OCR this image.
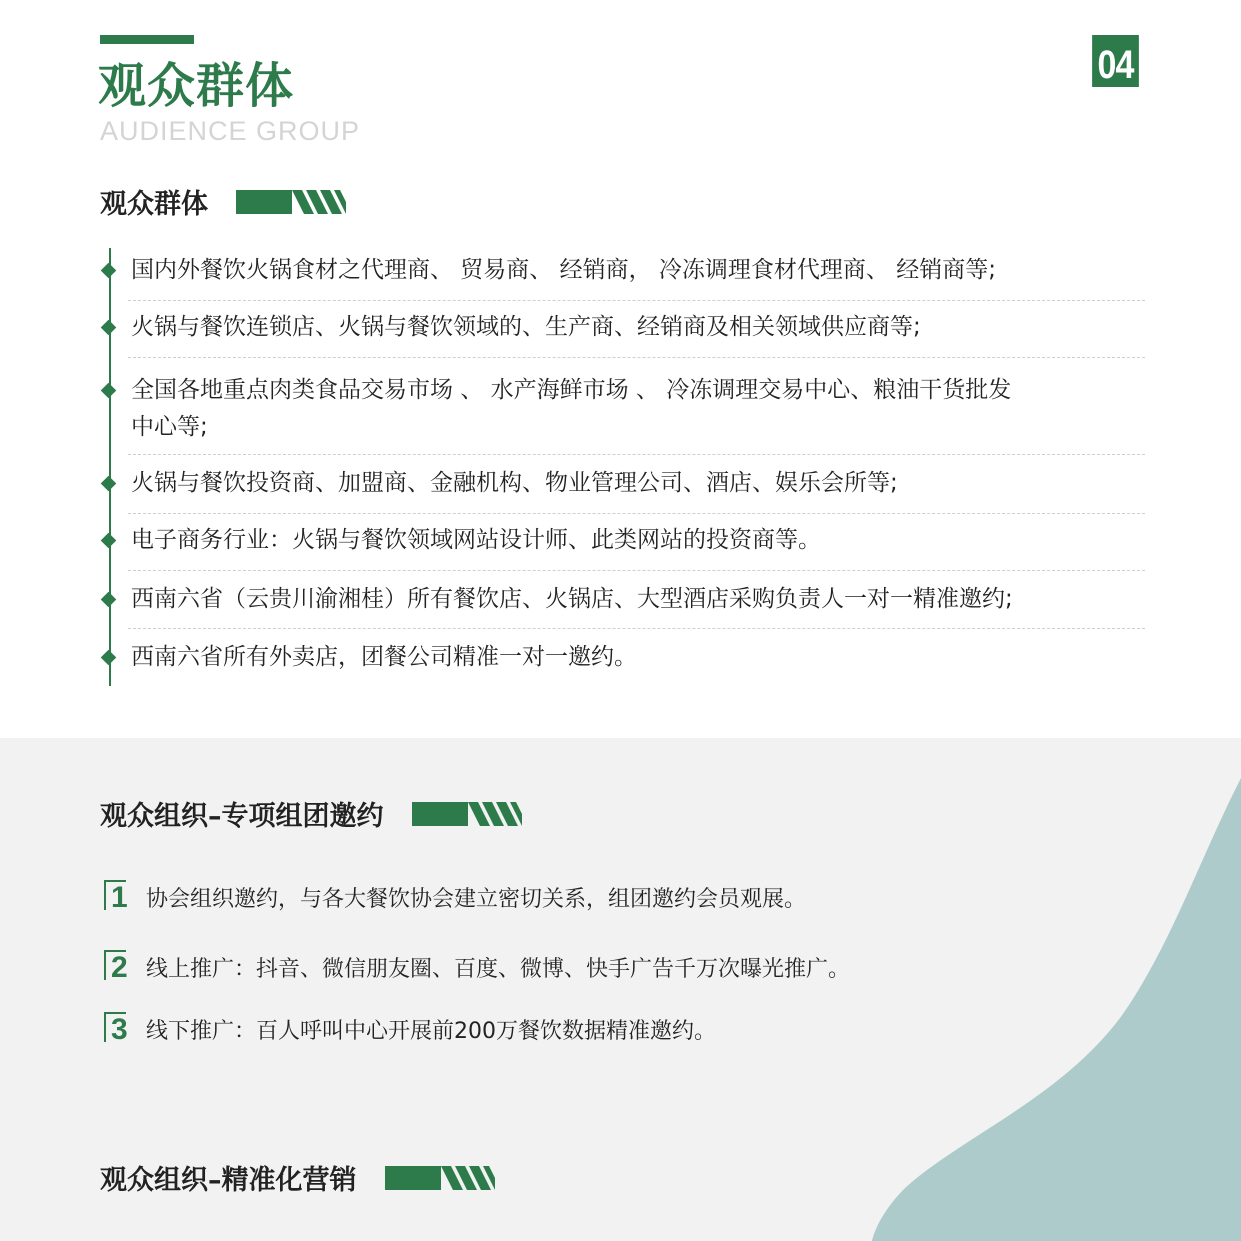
观众群体
AUDIENCE GROUP
04
观众群体
国内外餐饮火锅食材之代理商、 贸易商、 经销商， 冷冻调理食材代理商、 经销商等;
火锅与餐饮连锁店、火锅与餐饮领域的、生产商、经销商及相关领域供应商等;
全国各地重点肉类食品交易市场 、 水产海鲜市场 、 冷冻调理交易中心、粮油干货批发
中心等;
火锅与餐饮投资商、加盟商、金融机构、物业管理公司、酒店、娱乐会所等;
电子商务行业：火锅与餐饮领域网站设计师、此类网站的投资商等。
西南六省（云贵川渝湘桂）所有餐饮店、火锅店、大型酒店采购负责人一对一精准邀约;
西南六省所有外卖店，团餐公司精准一对一邀约。
观众组织–专项组团邀约
1 协会组织邀约，与各大餐饮协会建立密切关系，组团邀约会员观展。
2 线上推广：抖音、微信朋友圈、百度、微博、快手广告千万次曝光推广。
3 线下推广：百人呼叫中心开展前200万餐饮数据精准邀约。
观众组织–精准化营销
